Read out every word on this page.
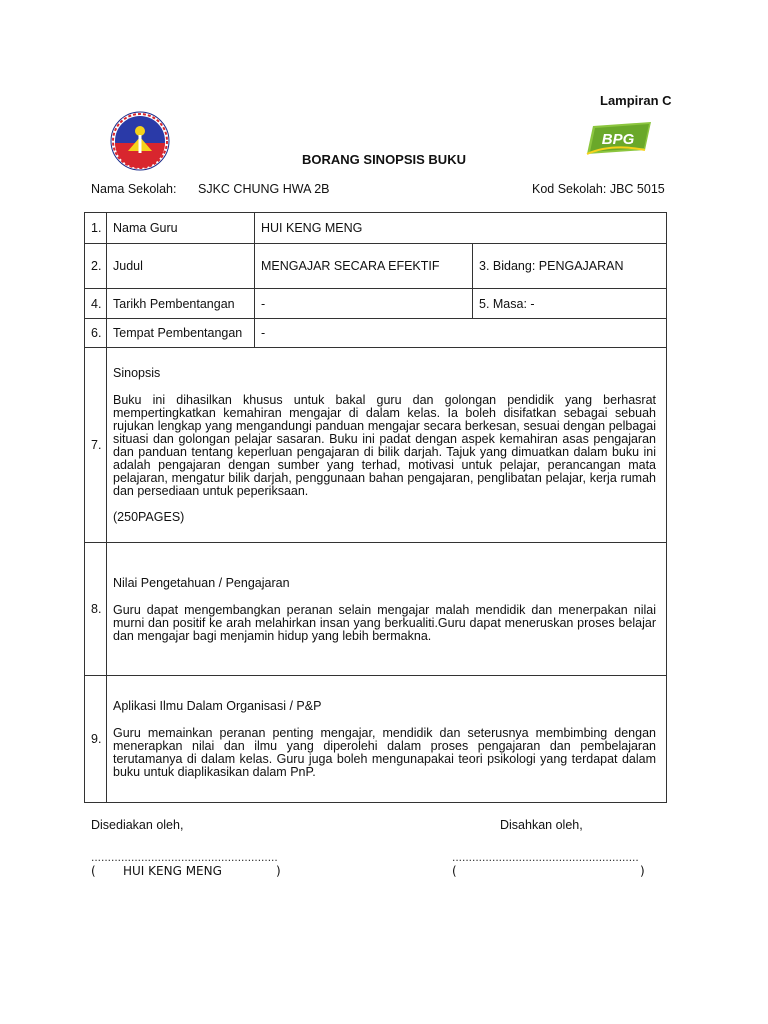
Lampiran C
BPG
BORANG SINOPSIS BUKU
Nama Sekolah: SJKC CHUNG HWA 2B	Kod Sekolah: JBC 5015
1.	Nama Guru	HUI KENG MENG	
2.	Judul	MENGAJAR SECARA EFEKTIF	3. Bidang: PENGAJARAN
4.	Tarikh Pembentangan	-	5. Masa: -
6.	Tempat Pembentangan	-	
7.	Sinopsis
Buku ini dihasilkan khusus untuk bakal guru dan golongan pendidik yang berhasrat mempertingkatkan kemahiran mengajar di dalam kelas. Ia boleh disifatkan sebagai sebuah rujukan lengkap yang mengandungi panduan mengajar secara berkesan, sesuai dengan pelbagai situasi dan golongan pelajar sasaran. Buku ini padat dengan aspek kemahiran asas pengajaran dan panduan tentang keperluan pengajaran di bilik darjah. Tajuk yang dimuatkan dalam buku ini adalah pengajaran dengan sumber yang terhad, motivasi untuk pelajar, perancangan mata pelajaran, mengatur bilik darjah, penggunaan bahan pengajaran, penglibatan pelajar, kerja rumah dan persediaan untuk peperiksaan.
(250PAGES)		

8.	Nilai Pengetahuan / Pengajaran
Guru dapat mengembangkan peranan selain mengajar malah mendidik dan menerpakan nilai murni dan positif ke arah melahirkan insan yang berkualiti.Guru dapat meneruskan proses belajar dan mengajar bagi menjamin hidup yang lebih bermakna.		

9.	Aplikasi Ilmu Dalam Organisasi / P&P
Guru memainkan peranan penting mengajar, mendidik dan seterusnya membimbing dengan menerapkan nilai dan ilmu yang diperolehi dalam proses pengajaran dan pembelajaran terutamanya di dalam kelas. Guru juga boleh mengunapakai teori psikologi yang terdapat dalam buku untuk diaplikasikan dalam PnP.		
Disediakan oleh,	Disahkan oleh,
........................................................	........................................................
( HUI KENG MENG	)	(	)
